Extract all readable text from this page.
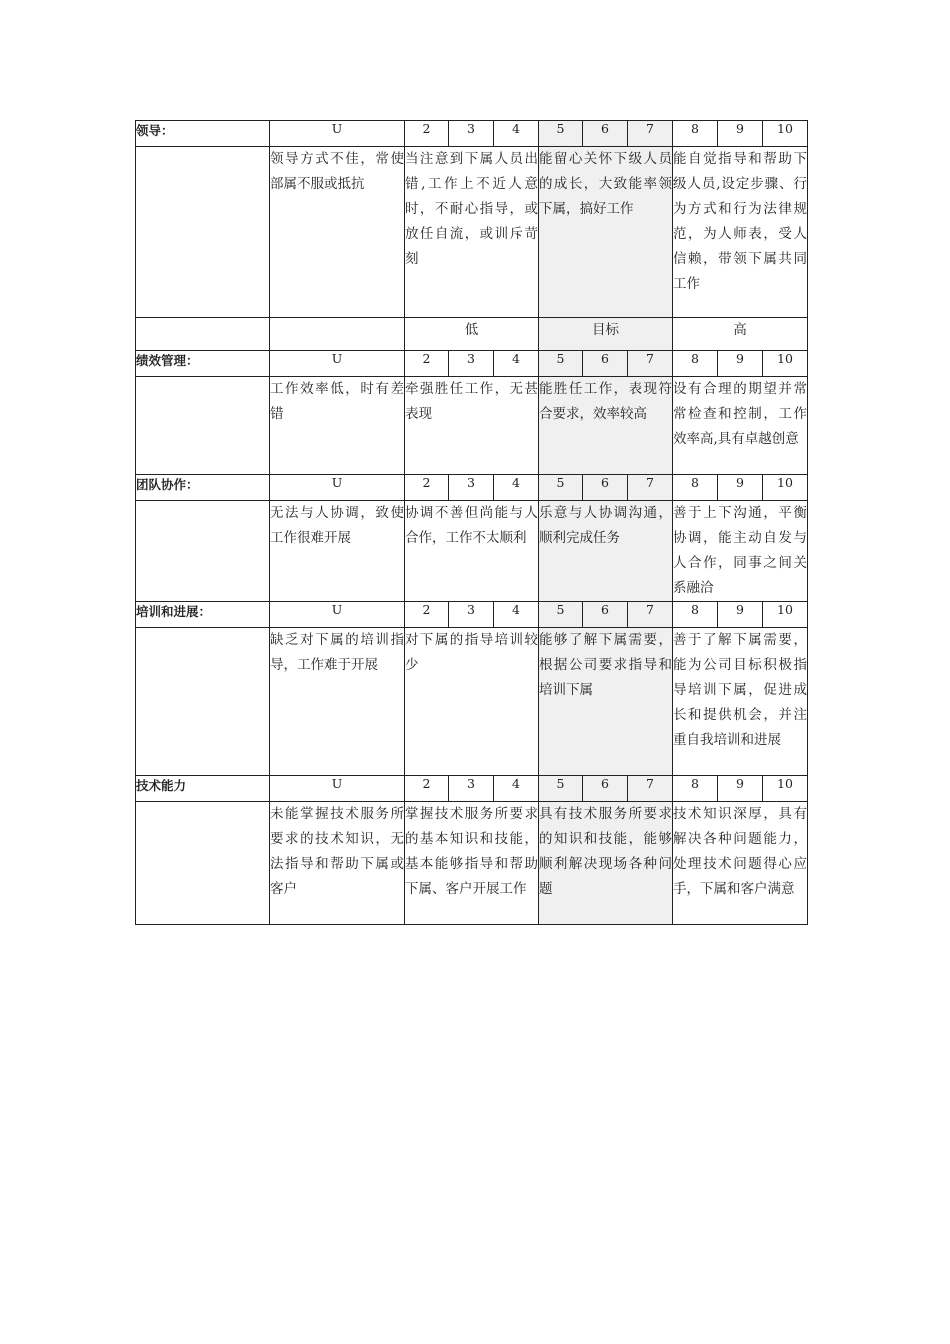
领导：	U	2	3	4	5	6	7	8	9	10
	领导方式不佳，常使部属不服或抵抗	当注意到下属人员出错,工作上不近人意时，不耐心指导，或放任自流，或训斥苛刻			能留心关怀下级人员的成长，大致能率领下属，搞好工作			能自觉指导和帮助下级人员,设定步骤、行为方式和行为法律规范，为人师表，受人信赖，带领下属共同工作		
		低			目标			高		
绩效管理：	U	2	3	4	5	6	7	8	9	10
	工作效率低，时有差错	牵强胜任工作，无甚表现			能胜任工作，表现符合要求，效率较高			设有合理的期望并常常检查和控制，工作效率高,具有卓越创意		
团队协作：	U	2	3	4	5	6	7	8	9	10
	无法与人协调，致使工作很难开展	协调不善但尚能与人合作，工作不太顺利			乐意与人协调沟通，顺利完成任务			善于上下沟通，平衡协调，能主动自发与人合作，同事之间关系融洽		
培训和进展：	U	2	3	4	5	6	7	8	9	10
	缺乏对下属的培训指导，工作难于开展	对下属的指导培训较少			能够了解下属需要，根据公司要求指导和培训下属			善于了解下属需要，能为公司目标积极指导培训下属，促进成长和提供机会，并注重自我培训和进展		
技术能力	U	2	3	4	5	6	7	8	9	10
	未能掌握技术服务所要求的技术知识，无法指导和帮助下属或客户	掌握技术服务所要求的基本知识和技能，基本能够指导和帮助下属、客户开展工作			具有技术服务所要求的知识和技能，能够顺利解决现场各种问题			技术知识深厚，具有解决各种问题能力，处理技术问题得心应手，下属和客户满意		
